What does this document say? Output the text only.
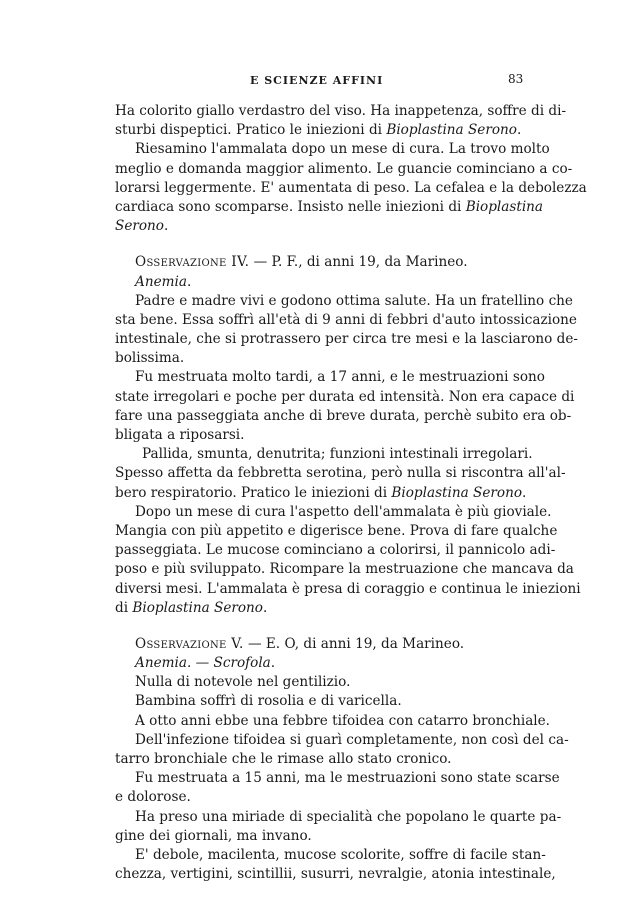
E SCIENZE AFFINI	83
Ha colorito giallo verdastro del viso. Ha inappetenza, soffre di di-
sturbi dispeptici. Pratico le iniezioni di Bioplastina Serono.
Riesamino l'ammalata dopo un mese di cura. La trovo molto
meglio e domanda maggior alimento. Le guancie cominciano a co-
lorarsi leggermente. E' aumentata di peso. La cefalea e la debolezza
cardiaca sono scomparse. Insisto nelle iniezioni di Bioplastina
Serono.
Osservazione IV. — P. F., di anni 19, da Marineo.
Anemia.
Padre e madre vivi e godono ottima salute. Ha un fratellino che
sta bene. Essa soffrì all'età di 9 anni di febbri d'auto intossicazione
intestinale, che si protrassero per circa tre mesi e la lasciarono de-
bolissima.
Fu mestruata molto tardi, a 17 anni, e le mestruazioni sono
state irregolari e poche per durata ed intensità. Non era capace di
fare una passeggiata anche di breve durata, perchè subito era ob-
bligata a riposarsi.
Pallida, smunta, denutrita; funzioni intestinali irregolari.
Spesso affetta da febbretta serotina, però nulla si riscontra all'al-
bero respiratorio. Pratico le iniezioni di Bioplastina Serono.
Dopo un mese di cura l'aspetto dell'ammalata è più gioviale.
Mangia con più appetito e digerisce bene. Prova di fare qualche
passeggiata. Le mucose cominciano a colorirsi, il pannicolo adi-
poso e più sviluppato. Ricompare la mestruazione che mancava da
diversi mesi. L'ammalata è presa di coraggio e continua le iniezioni
di Bioplastina Serono.
Osservazione V. — E. O, di anni 19, da Marineo.
Anemia. — Scrofola.
Nulla di notevole nel gentilizio.
Bambina soffrì di rosolia e di varicella.
A otto anni ebbe una febbre tifoidea con catarro bronchiale.
Dell'infezione tifoidea si guarì completamente, non così del ca-
tarro bronchiale che le rimase allo stato cronico.
Fu mestruata a 15 anni, ma le mestruazioni sono state scarse
e dolorose.
Ha preso una miriade di specialità che popolano le quarte pa-
gine dei giornali, ma invano.
E' debole, macilenta, mucose scolorite, soffre di facile stan-
chezza, vertigini, scintillii, susurri, nevralgie, atonia intestinale,
